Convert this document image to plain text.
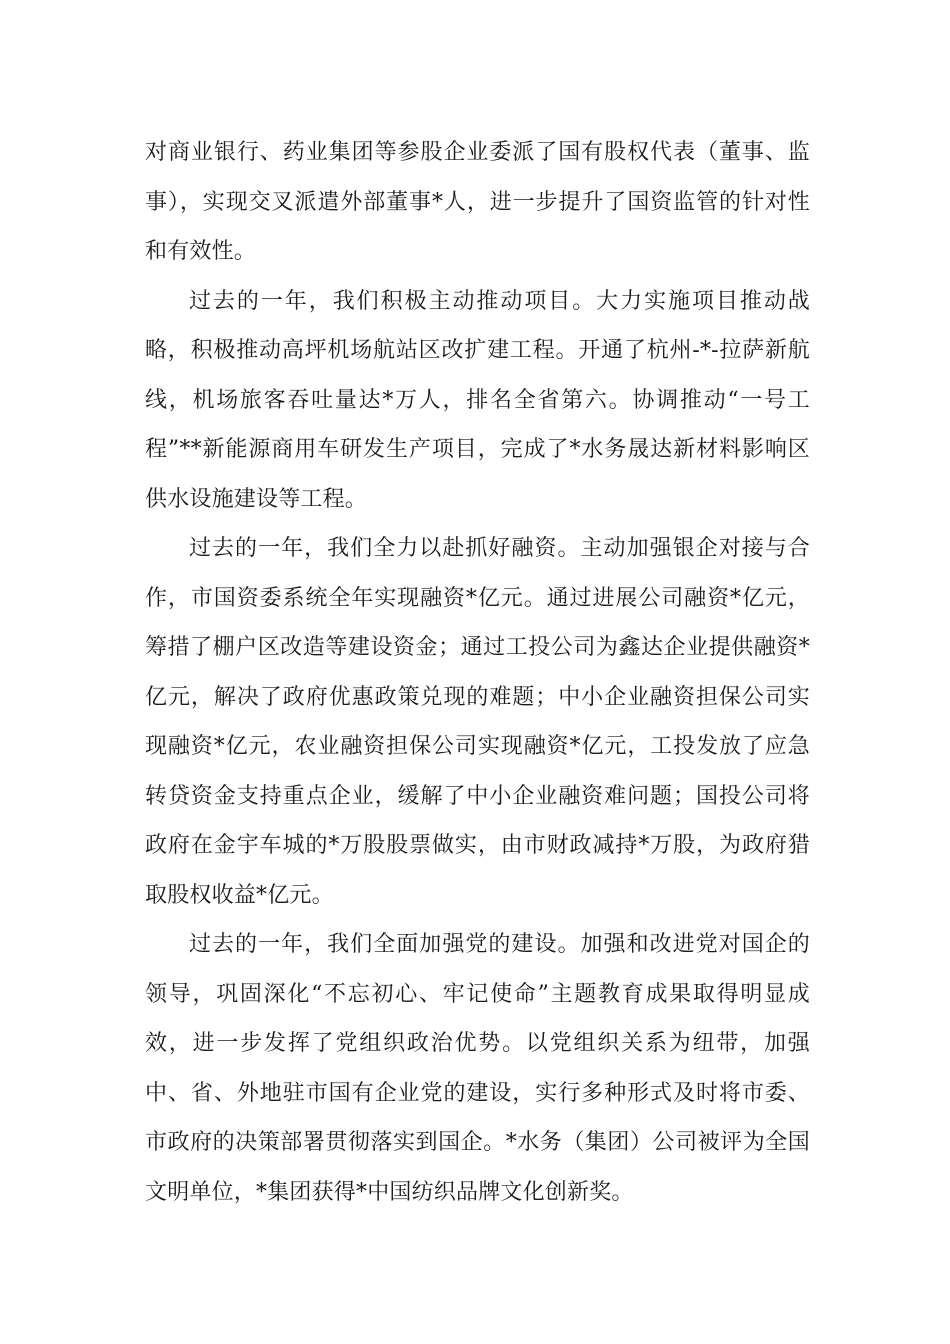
对商业银行、药业集团等参股企业委派了国有股权代表（董事、监事），实现交叉派遣外部董事*人，进一步提升了国资监管的针对性和有效性。

过去的一年，我们积极主动推动项目。大力实施项目推动战略，积极推动高坪机场航站区改扩建工程。开通了杭州-*-拉萨新航线，机场旅客吞吐量达*万人，排名全省第六。协调推动“一号工程”**新能源商用车研发生产项目，完成了*水务晟达新材料影响区供水设施建设等工程。

过去的一年，我们全力以赴抓好融资。主动加强银企对接与合作，市国资委系统全年实现融资*亿元。通过进展公司融资*亿元，筹措了棚户区改造等建设资金；通过工投公司为鑫达企业提供融资*亿元，解决了政府优惠政策兑现的难题；中小企业融资担保公司实现融资*亿元，农业融资担保公司实现融资*亿元，工投发放了应急转贷资金支持重点企业，缓解了中小企业融资难问题；国投公司将政府在金宇车城的*万股股票做实，由市财政减持*万股，为政府猎取股权收益*亿元。

过去的一年，我们全面加强党的建设。加强和改进党对国企的领导，巩固深化“不忘初心、牢记使命”主题教育成果取得明显成效，进一步发挥了党组织政治优势。以党组织关系为纽带，加强中、省、外地驻市国有企业党的建设，实行多种形式及时将市委、市政府的决策部署贯彻落实到国企。*水务（集团）公司被评为全国文明单位，*集团获得*中国纺织品牌文化创新奖。
